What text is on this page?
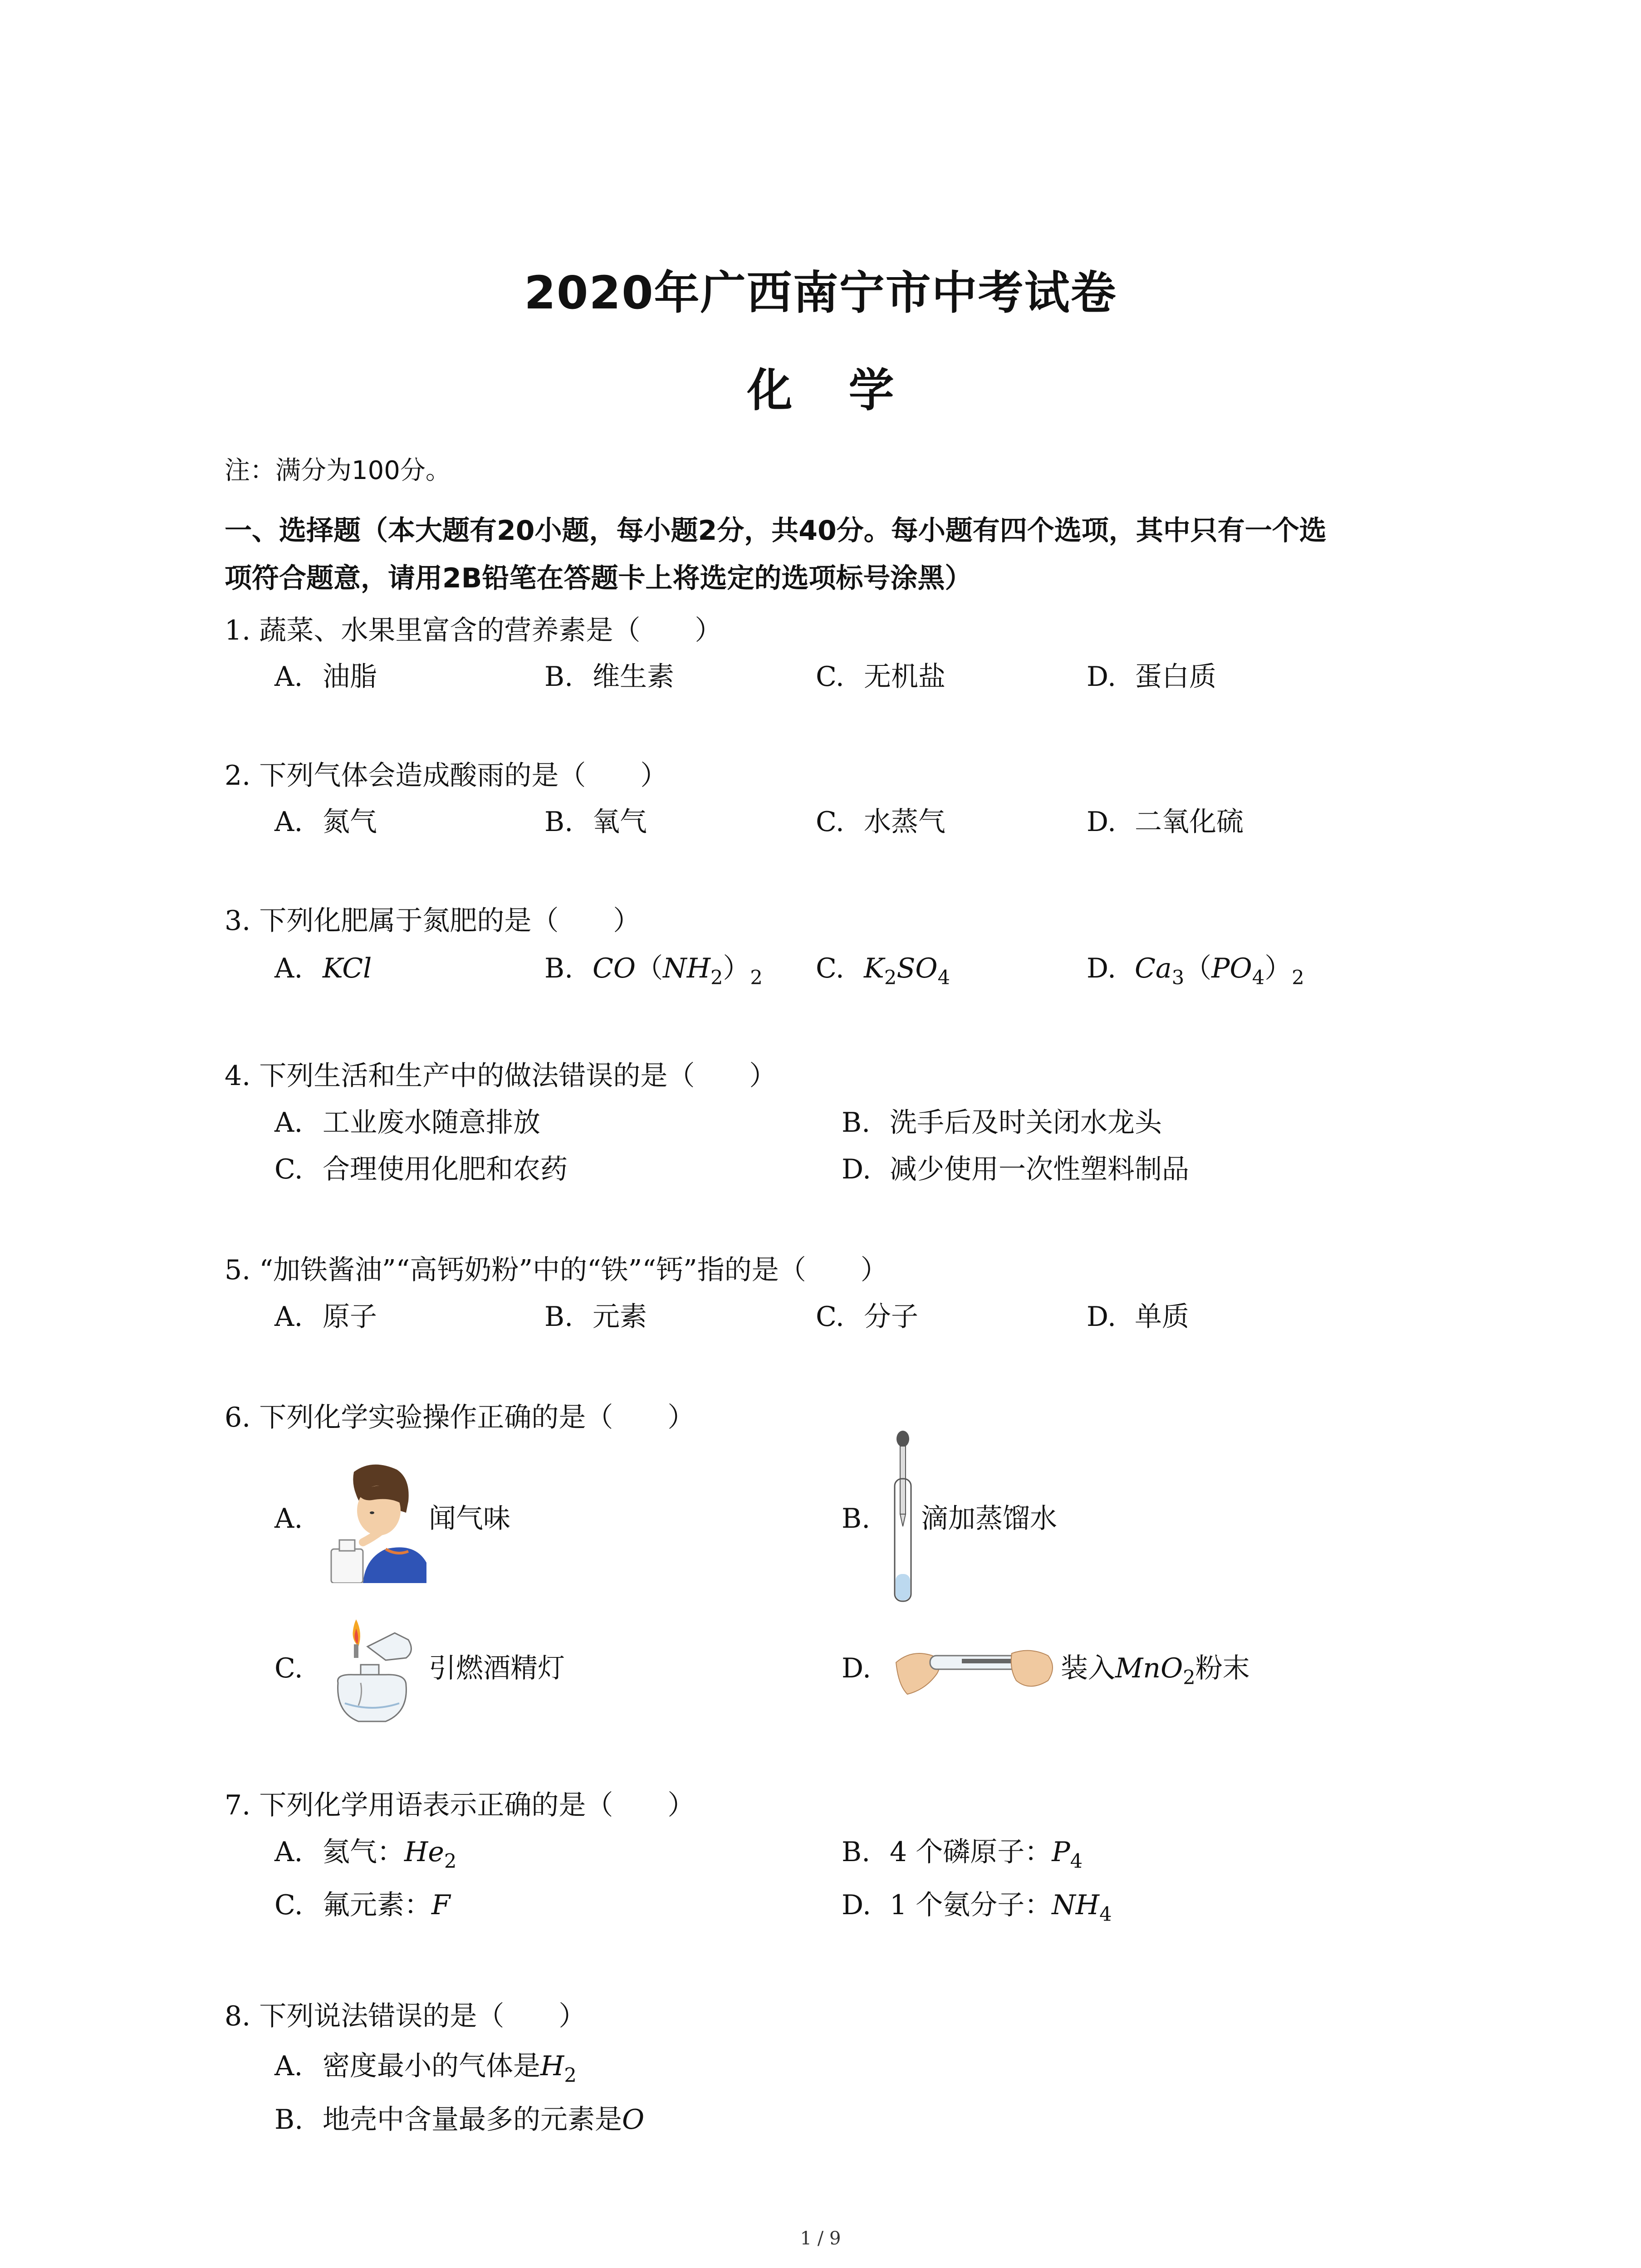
2020年广西南宁市中考试卷
化 学
注：满分为100分。
一、选择题（本大题有20小题，每小题2分，共40分。每小题有四个选项，其中只有一个选
项符合题意，请用2B铅笔在答题卡上将选定的选项标号涂黑）
1. 蔬菜、水果里富含的营养素是（　　）
A. 油脂	B. 维生素	C. 无机盐	D. 蛋白质
2. 下列气体会造成酸雨的是（　　）
A. 氮气	B. 氧气	C. 水蒸气	D. 二氧化硫
3. 下列化肥属于氮肥的是（　　）
A. KCl	B. $CO(NH_2)_2$ C. $K_2SO_4$	D. $Ca_3(PO_4)_2$
4. 下列生活和生产中的做法错误的是（　　）
A. 工业废水随意排放	B. 洗手后及时关闭水龙头
C. 合理使用化肥和农药	D. 减少使用一次性塑料制品
5. “加铁酱油”“高钙奶粉”中的“铁”“钙”指的是（　　）
A. 原子	B. 元素	C. 分子	D. 单质
6. 下列化学实验操作正确的是（　　）
A.	闻气味	B. 滴加蒸馏水
C.	引燃酒精灯	D.	装入MnO$_2$粉末
7. 下列化学用语表示正确的是（　　）
A. 氦气：$He_2$	B. 4 个磷原子：$P_4$
C. 氟元素：F	D. 1 个氨分子：$NH_4$
8. 下列说法错误的是（　　）
A. 密度最小的气体是$H_2$
B. 地壳中含量最多的元素是O
1 / 9
